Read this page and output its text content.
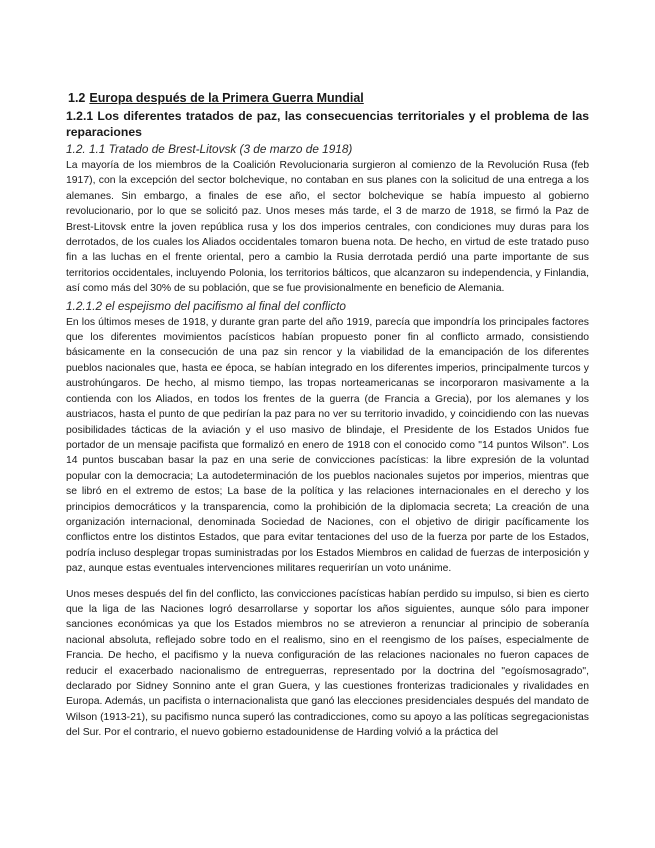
1.2 Europa después de la Primera Guerra Mundial
1.2.1 Los diferentes tratados de paz, las consecuencias territoriales y el problema de las reparaciones
1.2. 1.1 Tratado de Brest-Litovsk (3 de marzo de 1918)
La mayoría de los miembros de la Coalición Revolucionaria surgieron al comienzo de la Revolución Rusa (feb 1917), con la excepción del sector bolchevique, no contaban en sus planes con la solicitud de una entrega a los alemanes. Sin embargo, a finales de ese año, el sector bolchevique se había impuesto al gobierno revolucionario, por lo que se solicitó paz. Unos meses más tarde, el 3 de marzo de 1918, se firmó la Paz de Brest-Litovsk entre la joven república rusa y los dos imperios centrales, con condiciones muy duras para los derrotados, de los cuales los Aliados occidentales tomaron buena nota. De hecho, en virtud de este tratado puso fin a las luchas en el frente oriental, pero a cambio la Rusia derrotada perdió una parte importante de sus territorios occidentales, incluyendo Polonia, los territorios bálticos, que alcanzaron su independencia, y Finlandia, así como más del 30% de su población, que se fue provisionalmente en beneficio de Alemania.
1.2.1.2 el espejismo del pacifismo al final del conflicto
En los últimos meses de 1918, y durante gran parte del año 1919, parecía que impondría los principales factores que los diferentes movimientos pacísticos habían propuesto poner fin al conflicto armado, consistiendo básicamente en la consecución de una paz sin rencor y la viabilidad de la emancipación de los diferentes pueblos nacionales que, hasta ee época, se habían integrado en los diferentes imperios, principalmente turcos y austrohúngaros. De hecho, al mismo tiempo, las tropas norteamericanas se incorporaron masivamente a la contienda con los Aliados, en todos los frentes de la guerra (de Francia a Grecia), por los alemanes y los austriacos, hasta el punto de que pedirían la paz para no ver su territorio invadido, y coincidiendo con las nuevas posibilidades tácticas de la aviación y el uso masivo de blindaje, el Presidente de los Estados Unidos fue portador de un mensaje pacifista que formalizó en enero de 1918 con el conocido como "14 puntos Wilson". Los 14 puntos buscaban basar la paz en una serie de convicciones pacísticas: la libre expresión de la voluntad popular con la democracia; La autodeterminación de los pueblos nacionales sujetos por imperios, mientras que se libró en el extremo de estos; La base de la política y las relaciones internacionales en el derecho y los principios democráticos y la transparencia, como la prohibición de la diplomacia secreta; La creación de una organización internacional, denominada Sociedad de Naciones, con el objetivo de dirigir pacíficamente los conflictos entre los distintos Estados, que para evitar tentaciones del uso de la fuerza por parte de los Estados, podría incluso desplegar tropas suministradas por los Estados Miembros en calidad de fuerzas de interposición y paz, aunque estas eventuales intervenciones militares requerirían un voto unánime.
Unos meses después del fin del conflicto, las convicciones pacísticas habían perdido su impulso, si bien es cierto que la liga de las Naciones logró desarrollarse y soportar los años siguientes, aunque sólo para imponer sanciones económicas ya que los Estados miembros no se atrevieron a renunciar al principio de soberanía nacional absoluta, reflejado sobre todo en el realismo, sino en el reengismo de los países, especialmente de Francia. De hecho, el pacifismo y la nueva configuración de las relaciones nacionales no fueron capaces de reducir el exacerbado nacionalismo de entreguerras, representado por la doctrina del "egoísmosagrado", declarado por Sidney Sonnino ante el gran Guera, y las cuestiones fronterizas tradicionales y rivalidades en Europa. Además, un pacifista o internacionalista que ganó las elecciones presidenciales después del mandato de Wilson (1913-21), su pacifismo nunca superó las contradicciones, como su apoyo a las políticas segregacionistas del Sur. Por el contrario, el nuevo gobierno estadounidense de Harding volvió a la práctica del
